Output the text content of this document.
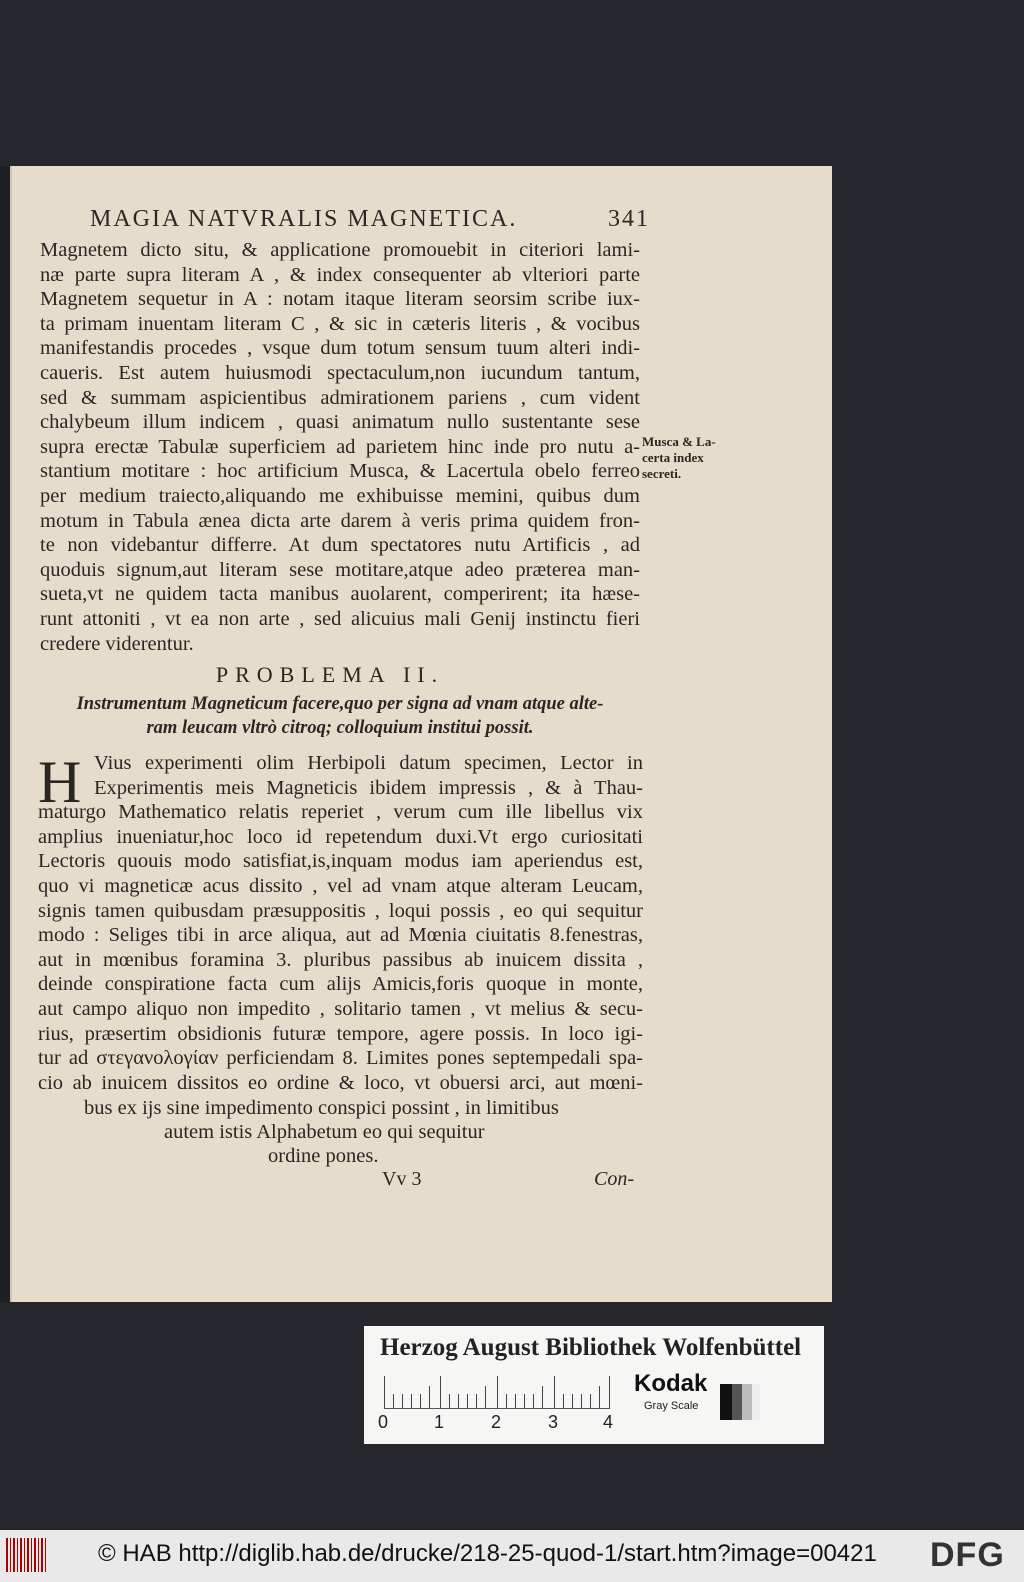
MAGIA NATVRALIS MAGNETICA.	341
Magnetem dicto situ, & applicatione promouebit in citeriori lami-
næ parte supra literam A , & index consequenter ab vlteriori parte
Magnetem sequetur in A : notam itaque literam seorsim scribe iux-
ta primam inuentam literam C , & sic in cæteris literis , & vocibus
manifestandis procedes , vsque dum totum sensum tuum alteri indi-
caueris. Est autem huiusmodi spectaculum,non iucundum tantum,
sed & summam aspicientibus admirationem pariens , cum vident
chalybeum illum indicem , quasi animatum nullo sustentante sese
supra erectæ Tabulæ superficiem ad parietem hinc inde pro nutu a-
stantium motitare : hoc artificium Musca, & Lacertula obelo ferreo
per medium traiecto,aliquando me exhibuisse memini, quibus dum
motum in Tabula ænea dicta arte darem à veris prima quidem fron-
te non videbantur differre. At dum spectatores nutu Artificis , ad
quoduis signum,aut literam sese motitare,atque adeo præterea man-
sueta,vt ne quidem tacta manibus auolarent, comperirent; ita hæse-
runt attoniti , vt ea non arte , sed alicuius mali Genij instinctu fieri
credere viderentur.
Musca & La-
certa index
secreti.
PROBLEMA II.
Instrumentum Magneticum facere,quo per signa ad vnam atque alte-
ram leucam vltrò citroq; colloquium institui possit.
H Vius experimenti olim Herbipoli datum specimen, Lector in
Experimentis meis Magneticis ibidem impressis , & à Thau-
maturgo Mathematico relatis reperiet , verum cum ille libellus vix
amplius inueniatur,hoc loco id repetendum duxi.Vt ergo curiositati
Lectoris quouis modo satisfiat,is,inquam modus iam aperiendus est,
quo vi magneticæ acus dissito , vel ad vnam atque alteram Leucam,
signis tamen quibusdam præsuppositis , loqui possis , eo qui sequitur
modo : Seliges tibi in arce aliqua, aut ad Mœnia ciuitatis 8.fenestras,
aut in mœnibus foramina 3. pluribus passibus ab inuicem dissita ,
deinde conspiratione facta cum alijs Amicis,foris quoque in monte,
aut campo aliquo non impedito , solitario tamen , vt melius & secu-
rius, præsertim obsidionis futuræ tempore, agere possis. In loco igi-
tur ad στεγανολογίαν perficiendam 8. Limites pones septempedali spa-
cio ab inuicem dissitos eo ordine & loco, vt obuersi arci, aut mœni-
bus ex ijs sine impedimento conspici possint , in limitibus
autem istis Alphabetum eo qui sequitur
ordine pones.
Vv 3	Con-
Herzog August Bibliothek Wolfenbüttel
0	1	2	3 4
Kodak
Gray Scale
© HAB http://diglib.hab.de/drucke/218-25-quod-1/start.htm?image=00421 DFG
